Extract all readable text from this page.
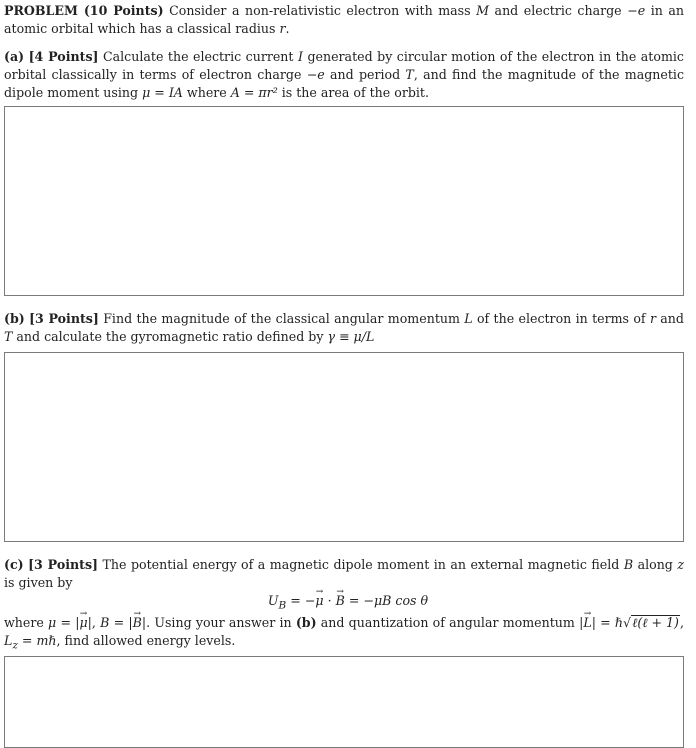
PROBLEM (10 Points) Consider a non-relativistic electron with mass M and electric charge −e in an atomic orbital which has a classical radius r.

(a) [4 Points] Calculate the electric current I generated by circular motion of the electron in the atomic orbital classically in terms of electron charge −e and period T, and find the magnitude of the magnetic dipole moment using μ = IA where A = πr² is the area of the orbit.

(b) [3 Points] Find the magnitude of the classical angular momentum L of the electron in terms of r and T and calculate the gyromagnetic ratio defined by γ ≡ μ/L

(c) [3 Points] The potential energy of a magnetic dipole moment in an external magnetic field B along z is given by

$U_B$ = −→ μ · → B = −μB cos θ

where μ = |→ μ|, B = |→ B|. Using your answer in (b) and quantization of angular momentum |→ L| = ℏ√ℓ(ℓ + 1), $L_z$ = mℏ, find allowed energy levels.
